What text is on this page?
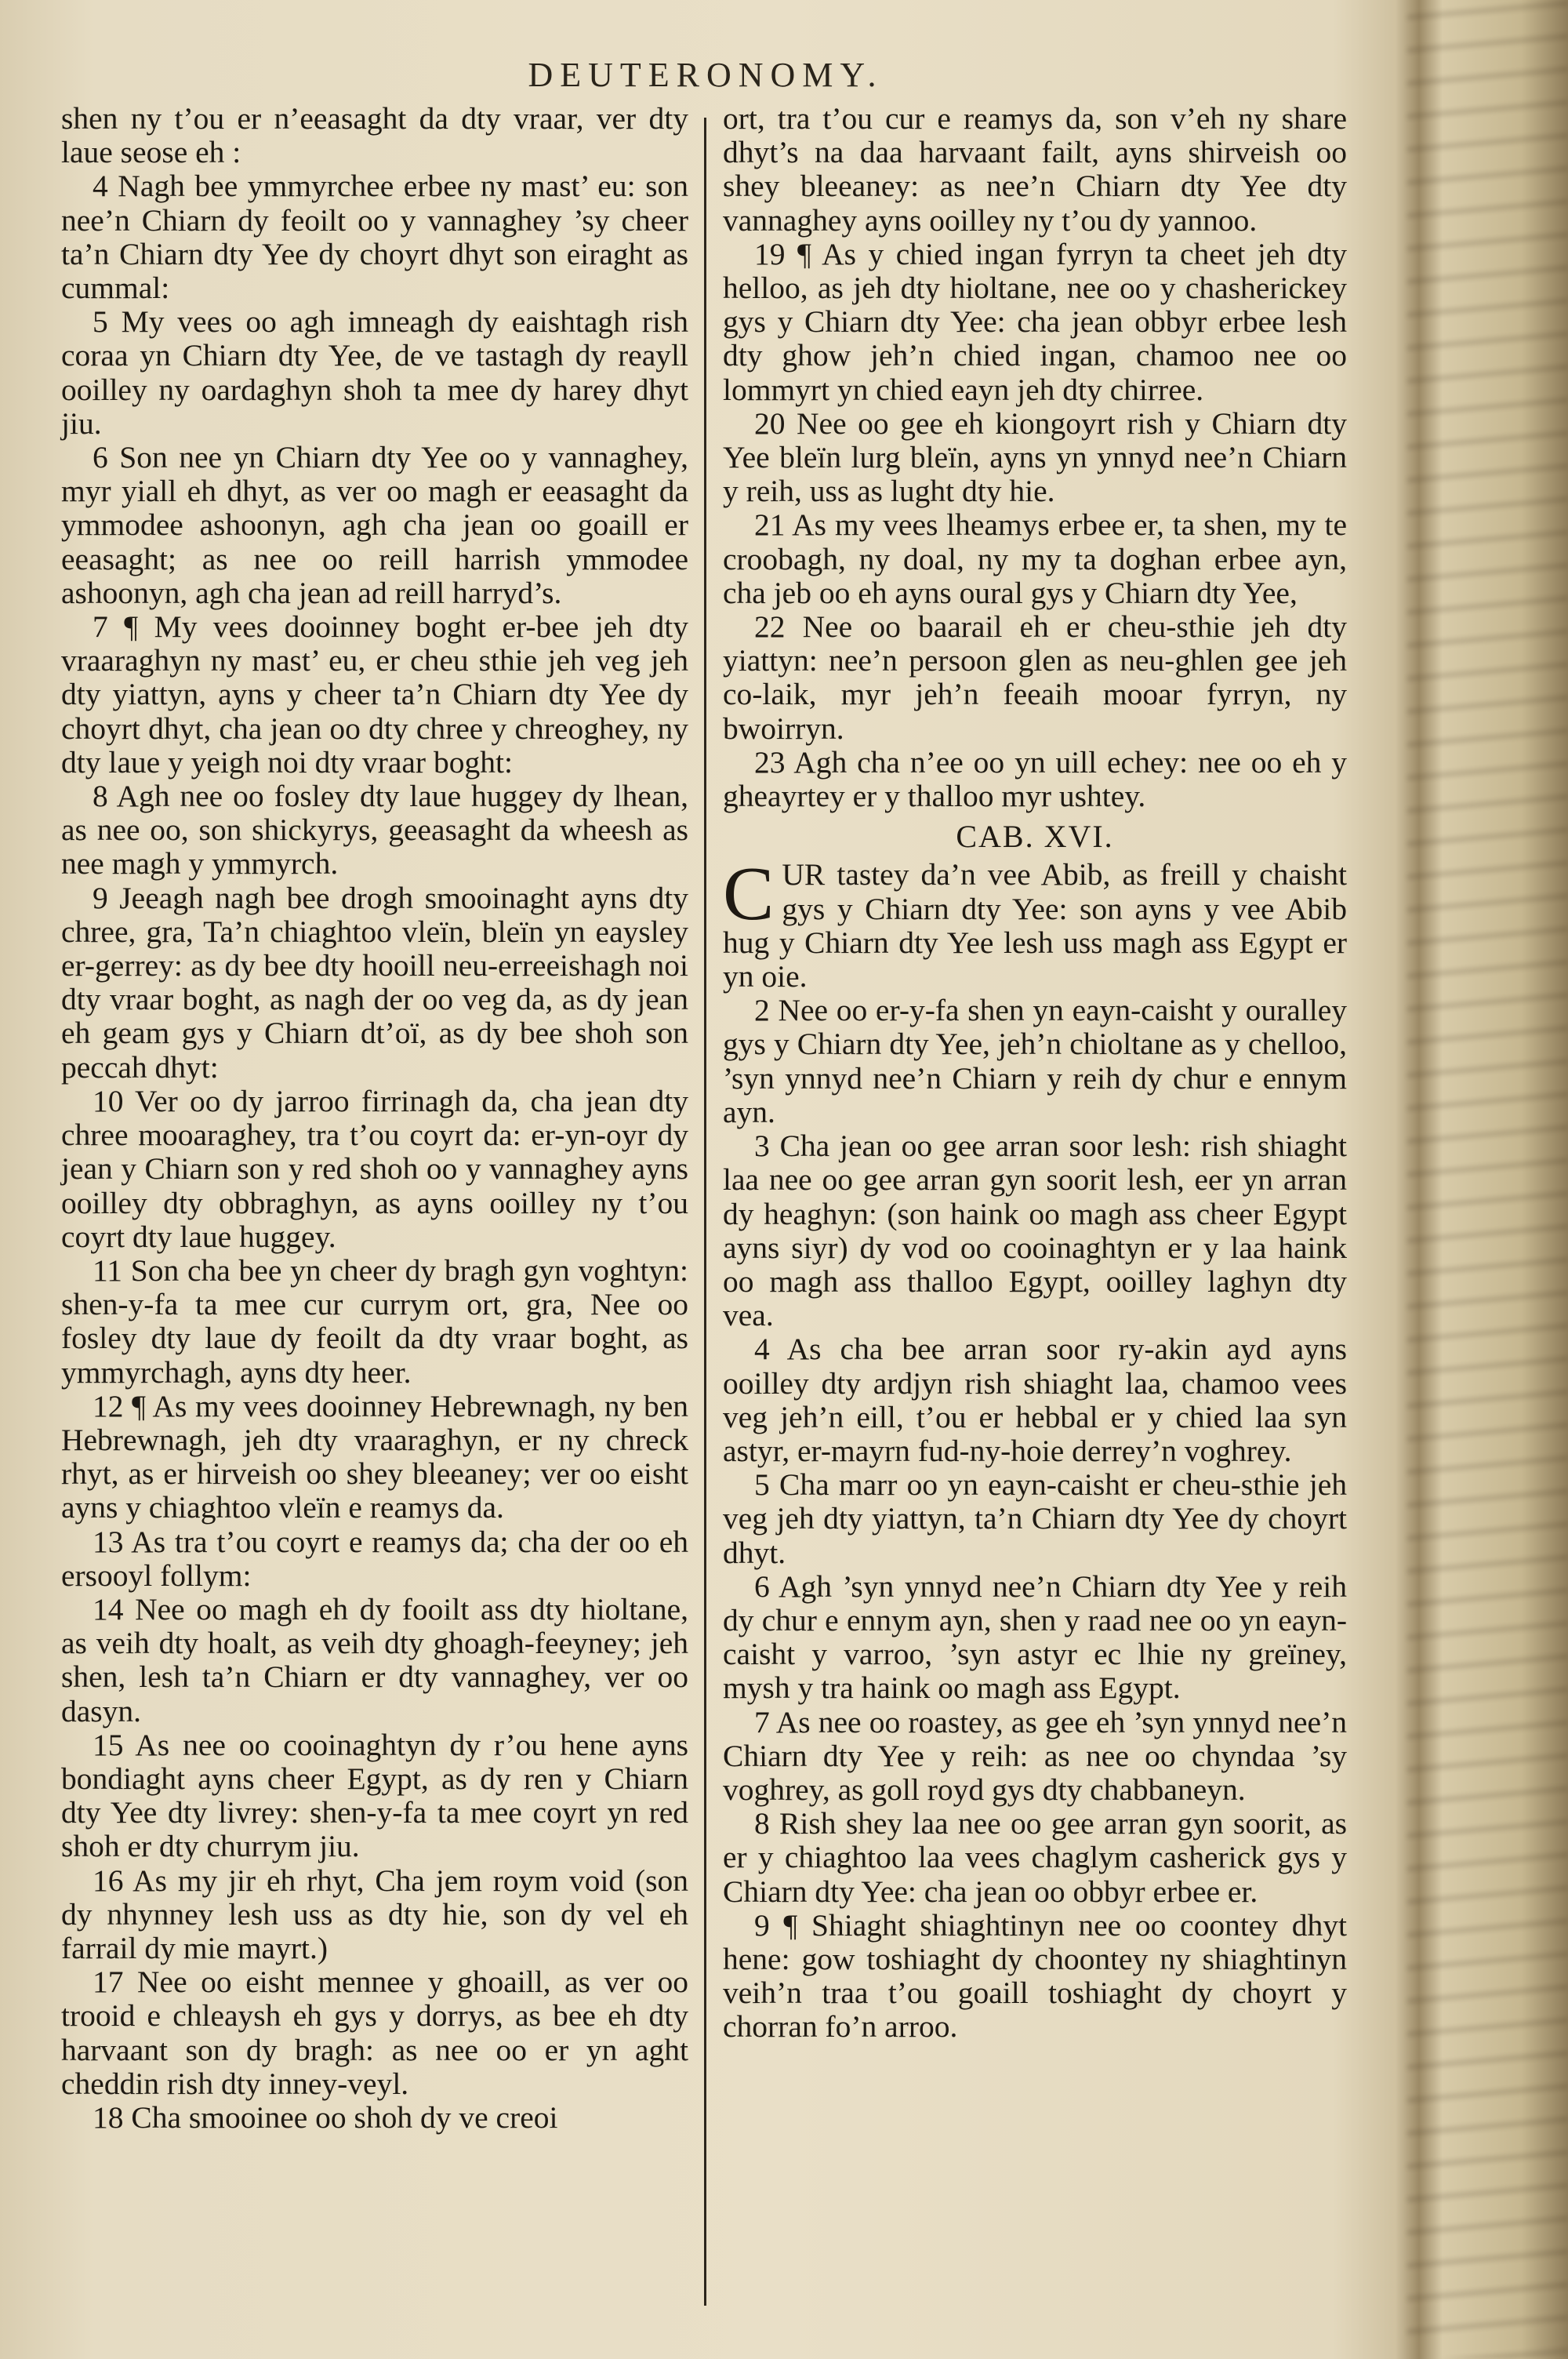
DEUTERONOMY.

shen ny t’ou er n’eeasaght da dty vraar, ver dty laue seose eh :

4 Nagh bee ymmyrchee erbee ny mast’ eu: son nee’n Chiarn dy feoilt oo y vannaghey ’sy cheer ta’n Chiarn dty Yee dy choyrt dhyt son eiraght as cummal:

5 My vees oo agh imneagh dy eaishtagh rish coraa yn Chiarn dty Yee, de ve tastagh dy reayll ooilley ny oardaghyn shoh ta mee dy harey dhyt jiu.

6 Son nee yn Chiarn dty Yee oo y vannaghey, myr yiall eh dhyt, as ver oo magh er eeasaght da ymmodee ashoonyn, agh cha jean oo goaill er eeasaght; as nee oo reill harrish ymmodee ashoonyn, agh cha jean ad reill harryd’s.

7 ¶ My vees dooinney boght er-bee jeh dty vraaraghyn ny mast’ eu, er cheu sthie jeh veg jeh dty yiattyn, ayns y cheer ta’n Chiarn dty Yee dy choyrt dhyt, cha jean oo dty chree y chreoghey, ny dty laue y yeigh noi dty vraar boght:

8 Agh nee oo fosley dty laue huggey dy lhean, as nee oo, son shickyrys, geeasaght da wheesh as nee magh y ymmyrch.

9 Jeeagh nagh bee drogh smooinaght ayns dty chree, gra, Ta’n chiaghtoo vleïn, bleïn yn eaysley er-gerrey: as dy bee dty hooill neu-erreeishagh noi dty vraar boght, as nagh der oo veg da, as dy jean eh geam gys y Chiarn dt’oï, as dy bee shoh son peccah dhyt:

10 Ver oo dy jarroo firrinagh da, cha jean dty chree mooaraghey, tra t’ou coyrt da: er-yn-oyr dy jean y Chiarn son y red shoh oo y vannaghey ayns ooilley dty obbraghyn, as ayns ooilley ny t’ou coyrt dty laue huggey.

11 Son cha bee yn cheer dy bragh gyn voghtyn: shen-y-fa ta mee cur currym ort, gra, Nee oo fosley dty laue dy feoilt da dty vraar boght, as ymmyrchagh, ayns dty heer.

12 ¶ As my vees dooinney Hebrewnagh, ny ben Hebrewnagh, jeh dty vraaraghyn, er ny chreck rhyt, as er hirveish oo shey bleeaney; ver oo eisht ayns y chiaghtoo vleïn e reamys da.

13 As tra t’ou coyrt e reamys da; cha der oo eh ersooyl follym:

14 Nee oo magh eh dy fooilt ass dty hioltane, as veih dty hoalt, as veih dty ghoagh-feeyney; jeh shen, lesh ta’n Chiarn er dty vannaghey, ver oo dasyn.

15 As nee oo cooinaghtyn dy r’ou hene ayns bondiaght ayns cheer Egypt, as dy ren y Chiarn dty Yee dty livrey: shen-y-fa ta mee coyrt yn red shoh er dty churrym jiu.

16 As my jir eh rhyt, Cha jem roym void (son dy nhynney lesh uss as dty hie, son dy vel eh farrail dy mie mayrt.)

17 Nee oo eisht mennee y ghoaill, as ver oo trooid e chleaysh eh gys y dorrys, as bee eh dty harvaant son dy bragh: as nee oo er yn aght cheddin rish dty inney-veyl.

18 Cha smooinee oo shoh dy ve creoi

ort, tra t’ou cur e reamys da, son v’eh ny share dhyt’s na daa harvaant failt, ayns shirveish oo shey bleeaney: as nee’n Chiarn dty Yee dty vannaghey ayns ooilley ny t’ou dy yannoo.

19 ¶ As y chied ingan fyrryn ta cheet jeh dty helloo, as jeh dty hioltane, nee oo y chasherickey gys y Chiarn dty Yee: cha jean obbyr erbee lesh dty ghow jeh’n chied ingan, chamoo nee oo lommyrt yn chied eayn jeh dty chirree.

20 Nee oo gee eh kiongoyrt rish y Chiarn dty Yee bleïn lurg bleïn, ayns yn ynnyd nee’n Chiarn y reih, uss as lught dty hie.

21 As my vees lheamys erbee er, ta shen, my te croobagh, ny doal, ny my ta doghan erbee ayn, cha jeb oo eh ayns oural gys y Chiarn dty Yee,

22 Nee oo baarail eh er cheu-sthie jeh dty yiattyn: nee’n persoon glen as neu-ghlen gee jeh co-laik, myr jeh’n feeaih mooar fyrryn, ny bwoirryn.

23 Agh cha n’ee oo yn uill echey: nee oo eh y gheayrtey er y thalloo myr ushtey.

CAB. XVI.

CUR tastey da’n vee Abib, as freill y chaisht gys y Chiarn dty Yee: son ayns y vee Abib hug y Chiarn dty Yee lesh uss magh ass Egypt er yn oie.

2 Nee oo er-y-fa shen yn eayn-caisht y ouralley gys y Chiarn dty Yee, jeh’n chioltane as y chelloo, ’syn ynnyd nee’n Chiarn y reih dy chur e ennym ayn.

3 Cha jean oo gee arran soor lesh: rish shiaght laa nee oo gee arran gyn soorit lesh, eer yn arran dy heaghyn: (son haink oo magh ass cheer Egypt ayns siyr) dy vod oo cooinaghtyn er y laa haink oo magh ass thalloo Egypt, ooilley laghyn dty vea.

4 As cha bee arran soor ry-akin ayd ayns ooilley dty ardjyn rish shiaght laa, chamoo vees veg jeh’n eill, t’ou er hebbal er y chied laa syn astyr, er-mayrn fud-ny-hoie derrey’n voghrey.

5 Cha marr oo yn eayn-caisht er cheu-sthie jeh veg jeh dty yiattyn, ta’n Chiarn dty Yee dy choyrt dhyt.

6 Agh ’syn ynnyd nee’n Chiarn dty Yee y reih dy chur e ennym ayn, shen y raad nee oo yn eayn-caisht y varroo, ’syn astyr ec lhie ny greïney, mysh y tra haink oo magh ass Egypt.

7 As nee oo roastey, as gee eh ’syn ynnyd nee’n Chiarn dty Yee y reih: as nee oo chyndaa ’sy voghrey, as goll royd gys dty chabbaneyn.

8 Rish shey laa nee oo gee arran gyn soorit, as er y chiaghtoo laa vees chaglym casherick gys y Chiarn dty Yee: cha jean oo obbyr erbee er.

9 ¶ Shiaght shiaghtinyn nee oo coontey dhyt hene: gow toshiaght dy choontey ny shiaghtinyn veih’n traa t’ou goaill toshiaght dy choyrt y chorran fo’n arroo.
